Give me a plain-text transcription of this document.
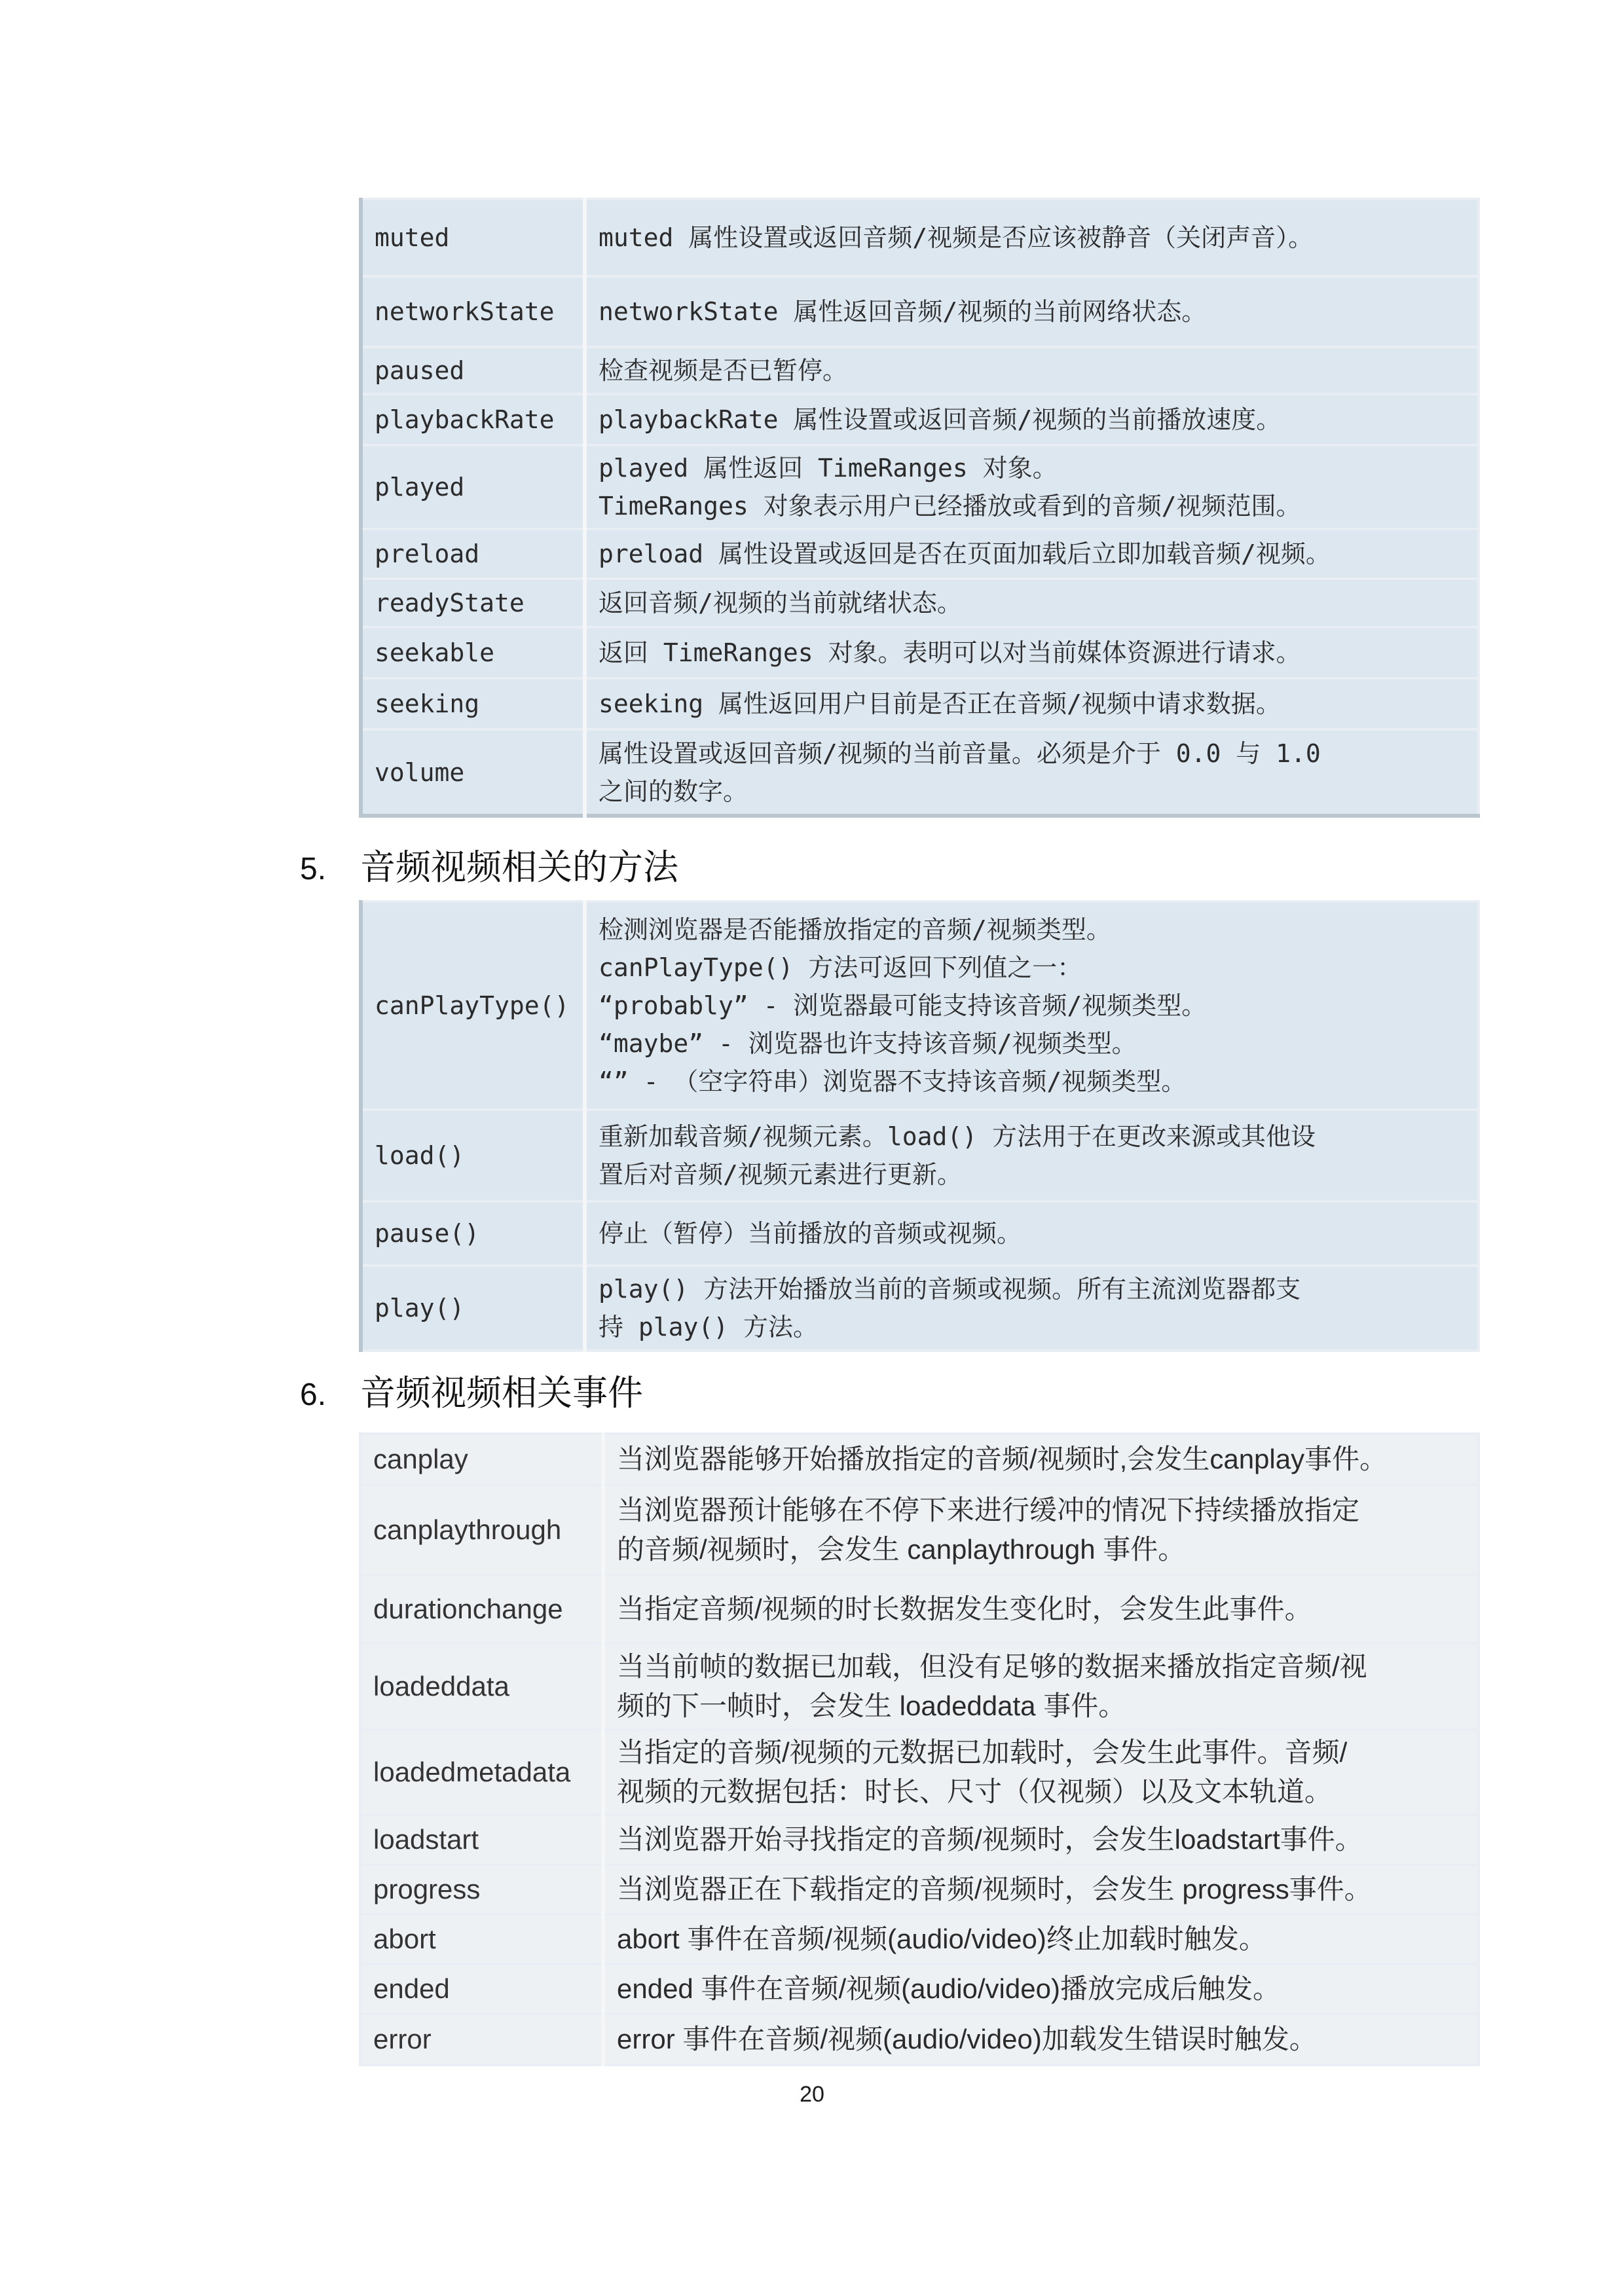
muted	muted 属性设置或返回音频/视频是否应该被静音（关闭声音）。
networkState	networkState 属性返回音频/视频的当前网络状态。
paused	检查视频是否已暂停。
playbackRate	playbackRate 属性设置或返回音频/视频的当前播放速度。
played	played 属性返回 TimeRanges 对象。
TimeRanges 对象表示用户已经播放或看到的音频/视频范围。
preload	preload 属性设置或返回是否在页面加载后立即加载音频/视频。
readyState	返回音频/视频的当前就绪状态。
seekable	返回 TimeRanges 对象。表明可以对当前媒体资源进行请求。
seeking	seeking 属性返回用户目前是否正在音频/视频中请求数据。
volume	属性设置或返回音频/视频的当前音量。必须是介于 0.0 与 1.0
之间的数字。
5. 音频视频相关的方法
canPlayType()	检测浏览器是否能播放指定的音频/视频类型。
canPlayType() 方法可返回下列值之一：
“probably” - 浏览器最可能支持该音频/视频类型。
“maybe” - 浏览器也许支持该音频/视频类型。
“” - （空字符串）浏览器不支持该音频/视频类型。
load()	重新加载音频/视频元素。load() 方法用于在更改来源或其他设
置后对音频/视频元素进行更新。
pause()	停止（暂停）当前播放的音频或视频。
play()	play() 方法开始播放当前的音频或视频。所有主流浏览器都支
持 play() 方法。
6. 音频视频相关事件
canplay	当浏览器能够开始播放指定的音频/视频时,会发生canplay事件。
canplaythrough	当浏览器预计能够在不停下来进行缓冲的情况下持续播放指定
的音频/视频时，会发生 canplaythrough 事件。
durationchange	当指定音频/视频的时长数据发生变化时，会发生此事件。
loadeddata	当当前帧的数据已加载，但没有足够的数据来播放指定音频/视
频的下一帧时，会发生 loadeddata 事件。
loadedmetadata	当指定的音频/视频的元数据已加载时，会发生此事件。音频/
视频的元数据包括：时长、尺寸（仅视频）以及文本轨道。
loadstart	当浏览器开始寻找指定的音频/视频时，会发生loadstart事件。
progress	当浏览器正在下载指定的音频/视频时，会发生 progress事件。
abort	abort 事件在音频/视频(audio/video)终止加载时触发。
ended	ended 事件在音频/视频(audio/video)播放完成后触发。
error	error 事件在音频/视频(audio/video)加载发生错误时触发。
20
